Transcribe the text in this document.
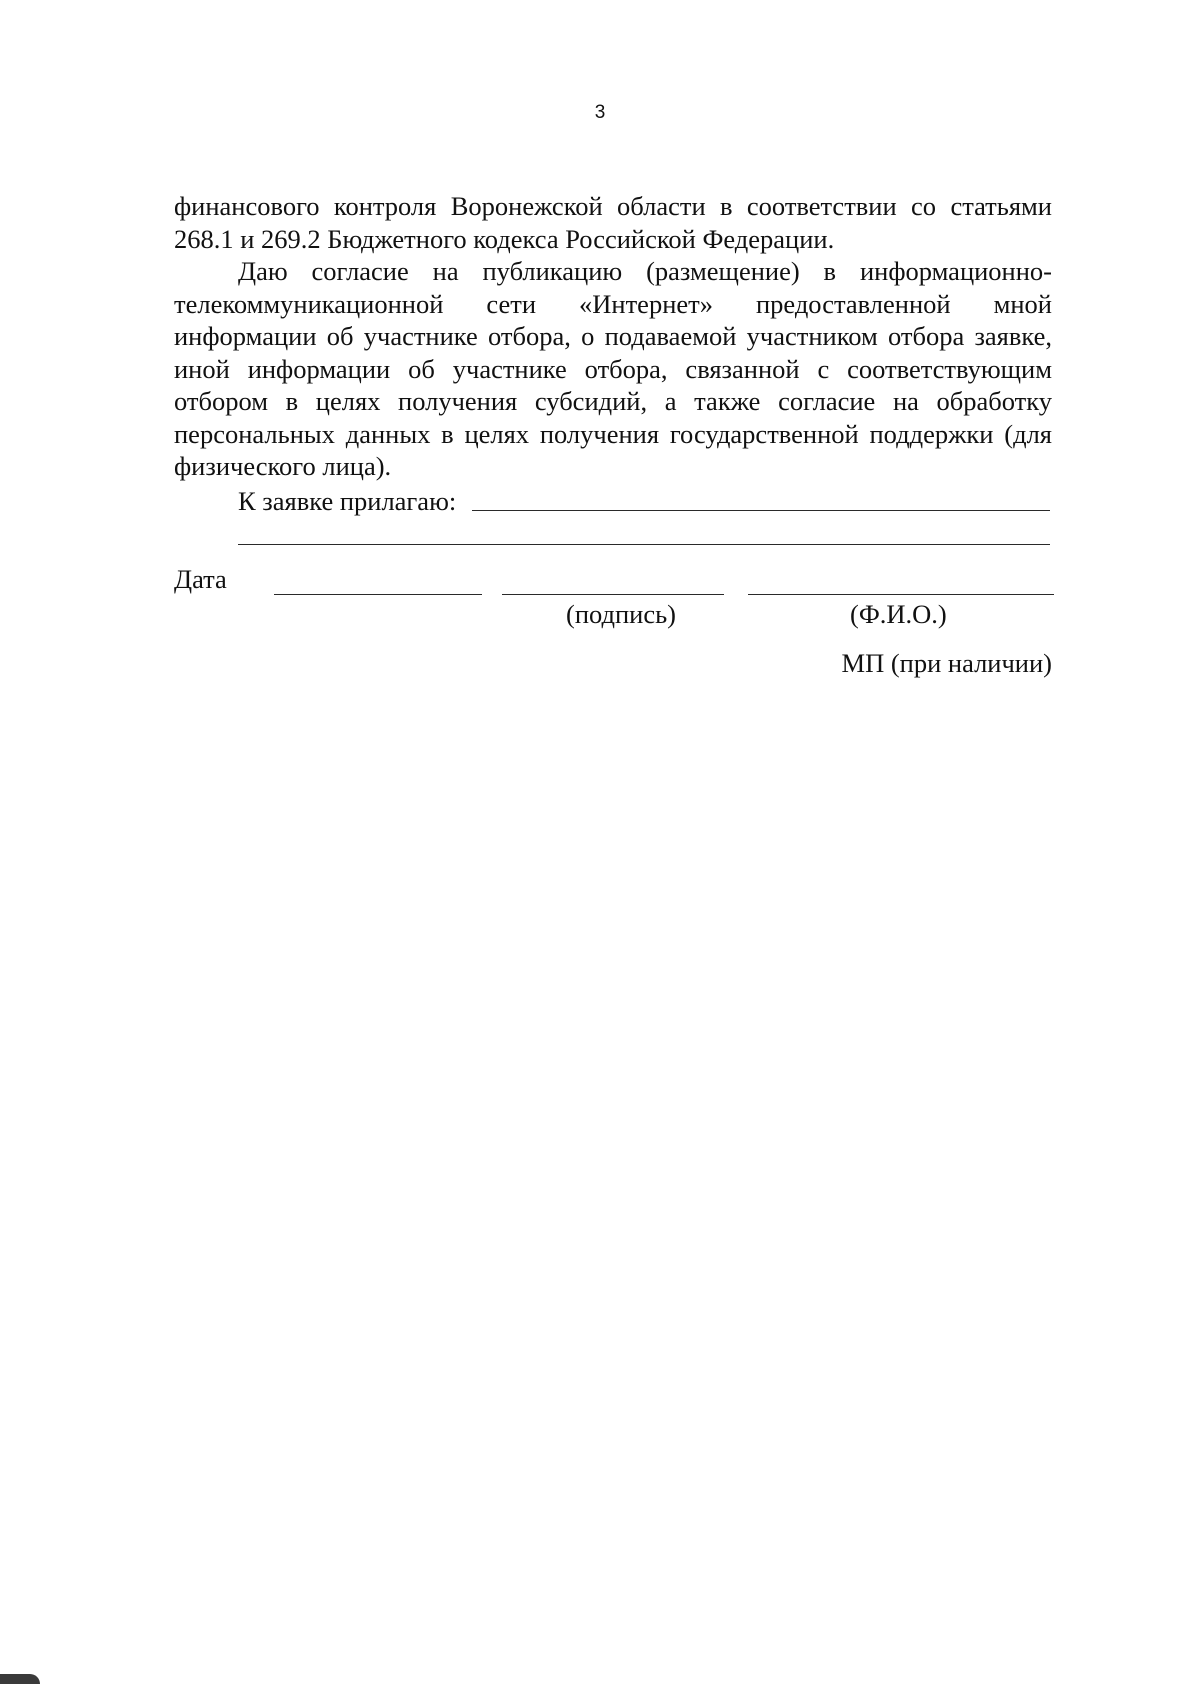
3

финансового контроля Воронежской области в соответствии со статьями 268.1 и 269.2 Бюджетного кодекса Российской Федерации.

Даю согласие на публикацию (размещение) в информационно-телекоммуникационной сети «Интернет» предоставленной мной информации об участнике отбора, о подаваемой участником отбора заявке, иной информации об участнике отбора, связанной с соответствующим отбором в целях получения субсидий, а также согласие на обработку персональных данных в целях получения государственной поддержки (для физического лица).

К заявке прилагаю:
Дата
(подпись)	(Ф.И.О.)
МП (при наличии)
